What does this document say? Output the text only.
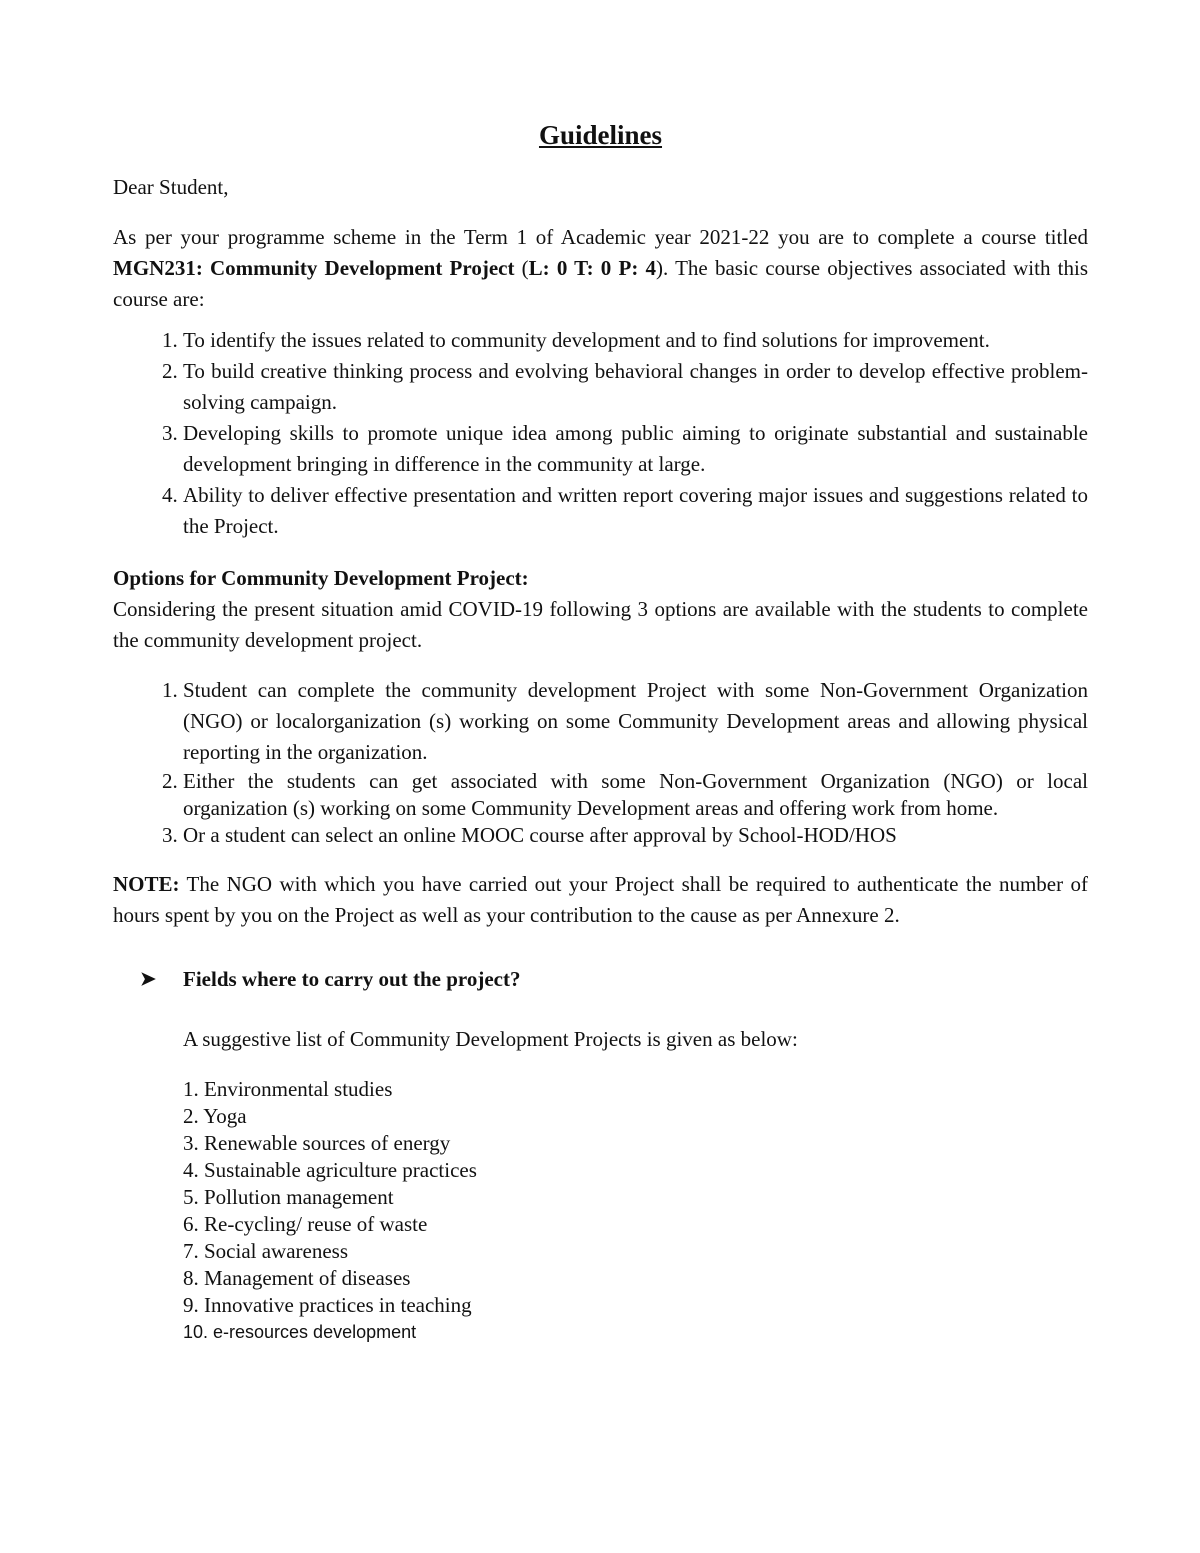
Guidelines

Dear Student,

As per your programme scheme in the Term 1 of Academic year 2021-22 you are to complete a course titled MGN231: Community Development Project (L: 0 T: 0 P: 4). The basic course objectives associated with this course are:

1. To identify the issues related to community development and to find solutions for improvement.
2. To build creative thinking process and evolving behavioral changes in order to develop effective problem-solving campaign.
3. Developing skills to promote unique idea among public aiming to originate substantial and sustainable development bringing in difference in the community at large.
4. Ability to deliver effective presentation and written report covering major issues and suggestions related to the Project.

Options for Community Development Project:

Considering the present situation amid COVID-19 following 3 options are available with the students to complete the community development project.

1. Student can complete the community development Project with some Non-Government Organization (NGO) or localorganization (s) working on some Community Development areas and allowing physical reporting in the organization.
2. Either the students can get associated with some Non-Government Organization (NGO) or local organization (s) working on some Community Development areas and offering work from home.
3. Or a student can select an online MOOC course after approval by School-HOD/HOS

NOTE: The NGO with which you have carried out your Project shall be required to authenticate the number of hours spent by you on the Project as well as your contribution to the cause as per Annexure 2.

➤	Fields where to carry out the project?

A suggestive list of Community Development Projects is given as below:

1. Environmental studies
2. Yoga
3. Renewable sources of energy
4. Sustainable agriculture practices
5. Pollution management
6. Re-cycling/ reuse of waste
7. Social awareness
8. Management of diseases
9. Innovative practices in teaching
10. e-resources development
